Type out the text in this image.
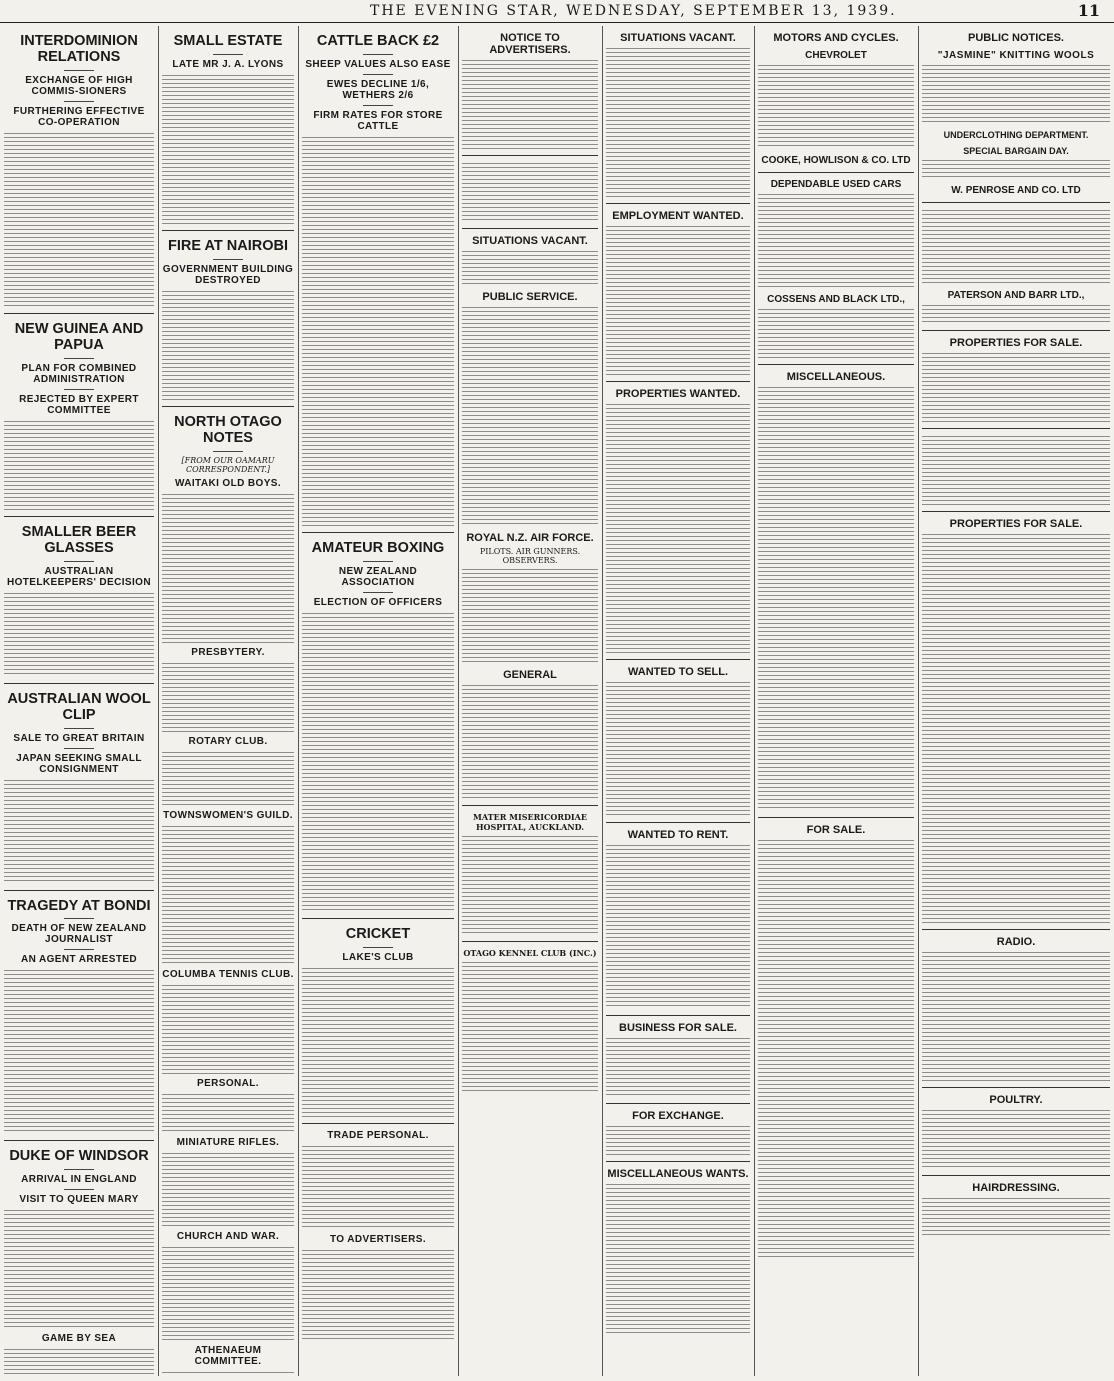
THE EVENING STAR, WEDNESDAY, SEPTEMBER 13, 1939.	11
INTERDOMINION RELATIONS
EXCHANGE OF HIGH COMMIS-SIONERS
FURTHERING EFFECTIVE CO-OPERATION
NEW GUINEA AND PAPUA
PLAN FOR COMBINED ADMINISTRATION
REJECTED BY EXPERT COMMITTEE
SMALLER BEER GLASSES
AUSTRALIAN HOTELKEEPERS' DECISION
AUSTRALIAN WOOL CLIP
SALE TO GREAT BRITAIN
JAPAN SEEKING SMALL CONSIGNMENT
TRAGEDY AT BONDI
DEATH OF NEW ZEALAND JOURNALIST
AN AGENT ARRESTED
DUKE OF WINDSOR
ARRIVAL IN ENGLAND
VISIT TO QUEEN MARY
GAME BY SEA
SMALL ESTATE
LATE MR J. A. LYONS
FIRE AT NAIROBI
GOVERNMENT BUILDING DESTROYED
NORTH OTAGO NOTES
[FROM OUR OAMARU CORRESPONDENT.]
WAITAKI OLD BOYS.
PRESBYTERY.
ROTARY CLUB.
TOWNSWOMEN'S GUILD.
COLUMBA TENNIS CLUB.
PERSONAL.
MINIATURE RIFLES.
CHURCH AND WAR.
ATHENAEUM COMMITTEE.
CATTLE BACK £2
SHEEP VALUES ALSO EASE
EWES DECLINE 1/6, WETHERS 2/6
FIRM RATES FOR STORE CATTLE
AMATEUR BOXING
NEW ZEALAND ASSOCIATION
ELECTION OF OFFICERS
CRICKET
LAKE'S CLUB
TRADE PERSONAL.
TO ADVERTISERS.
NOTICE TO ADVERTISERS.
SITUATIONS VACANT.
PUBLIC SERVICE.
ROYAL N.Z. AIR FORCE.
PILOTS. AIR GUNNERS. OBSERVERS.
GENERAL
MATER MISERICORDIAE HOSPITAL, AUCKLAND.
OTAGO KENNEL CLUB (INC.)
SITUATIONS VACANT.
EMPLOYMENT WANTED.
PROPERTIES WANTED.
WANTED TO SELL.
WANTED TO RENT.
BUSINESS FOR SALE.
FOR EXCHANGE.
MISCELLANEOUS WANTS.
MOTORS AND CYCLES.
CHEVROLET
COOKE, HOWLISON & CO. LTD
DEPENDABLE USED CARS
COSSENS AND BLACK LTD.,
MISCELLANEOUS.
FOR SALE.
PUBLIC NOTICES.
"JASMINE" KNITTING WOOLS
UNDERCLOTHING DEPARTMENT.
SPECIAL BARGAIN DAY.
W. PENROSE AND CO. LTD
PATERSON AND BARR LTD.,
PROPERTIES FOR SALE.
PROPERTIES FOR SALE.
RADIO.
POULTRY.
HAIRDRESSING.
